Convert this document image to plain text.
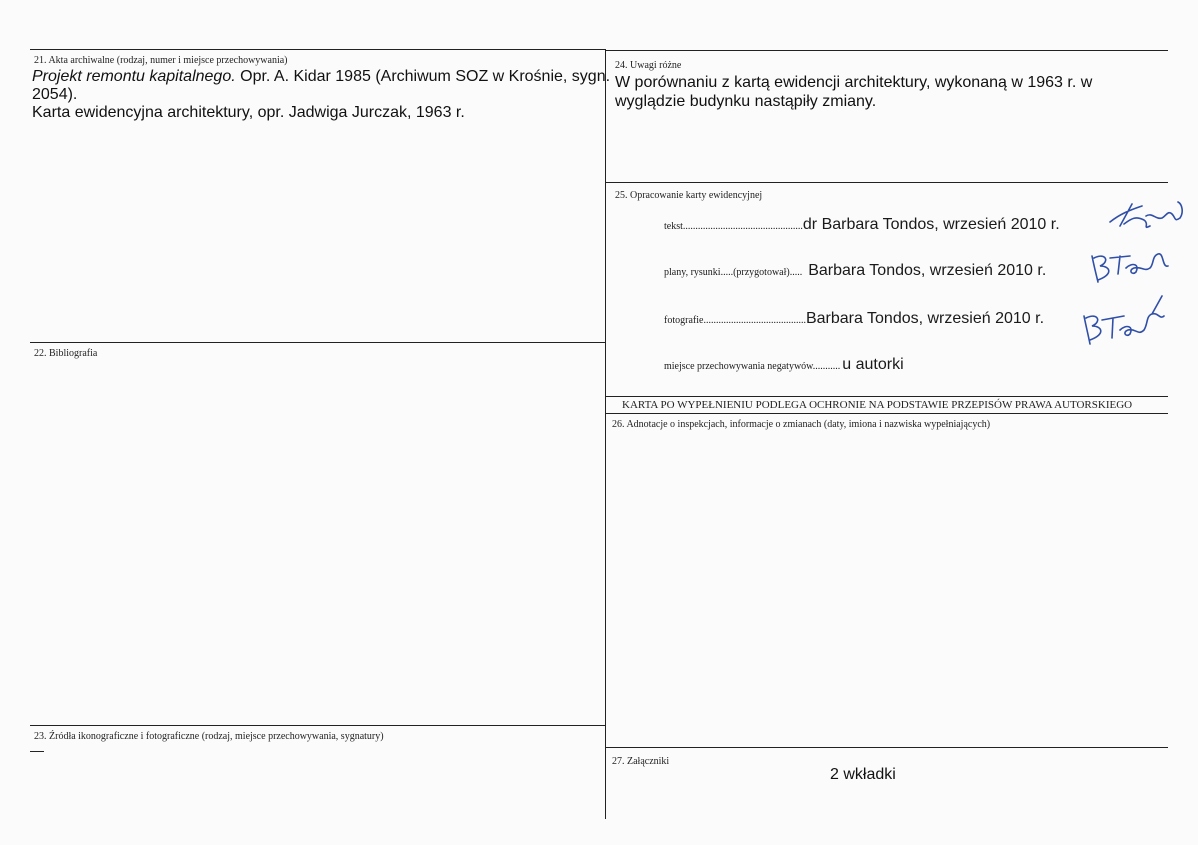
21. Akta archiwalne (rodzaj, numer i miejsce przechowywania)
Projekt remontu kapitalnego. Opr. A. Kidar 1985 (Archiwum SOZ w Krośnie, sygn.
2054).
Karta ewidencyjna architektury, opr. Jadwiga Jurczak, 1963 r.
22. Bibliografia
23. Źródła ikonograficzne i fotograficzne (rodzaj, miejsce przechowywania, sygnatury)
—
24. Uwagi różne
W porównaniu z kartą ewidencji architektury, wykonaną w 1963 r. w
wyglądzie budynku nastąpiły zmiany.
25. Opracowanie karty ewidencyjnej
tekst ................................................ dr Barbara Tondos, wrzesień 2010 r.
plany, rysunki.....(przygotował)..... Barbara Tondos, wrzesień 2010 r.
fotografie ......................................... Barbara Tondos, wrzesień 2010 r.
miejsce przechowywania negatywów........... u autorki
KARTA PO WYPEŁNIENIU PODLEGA OCHRONIE NA PODSTAWIE PRZEPISÓW PRAWA AUTORSKIEGO
26. Adnotacje o inspekcjach, informacje o zmianach (daty, imiona i nazwiska wypełniających)
27. Załączniki
2 wkładki
